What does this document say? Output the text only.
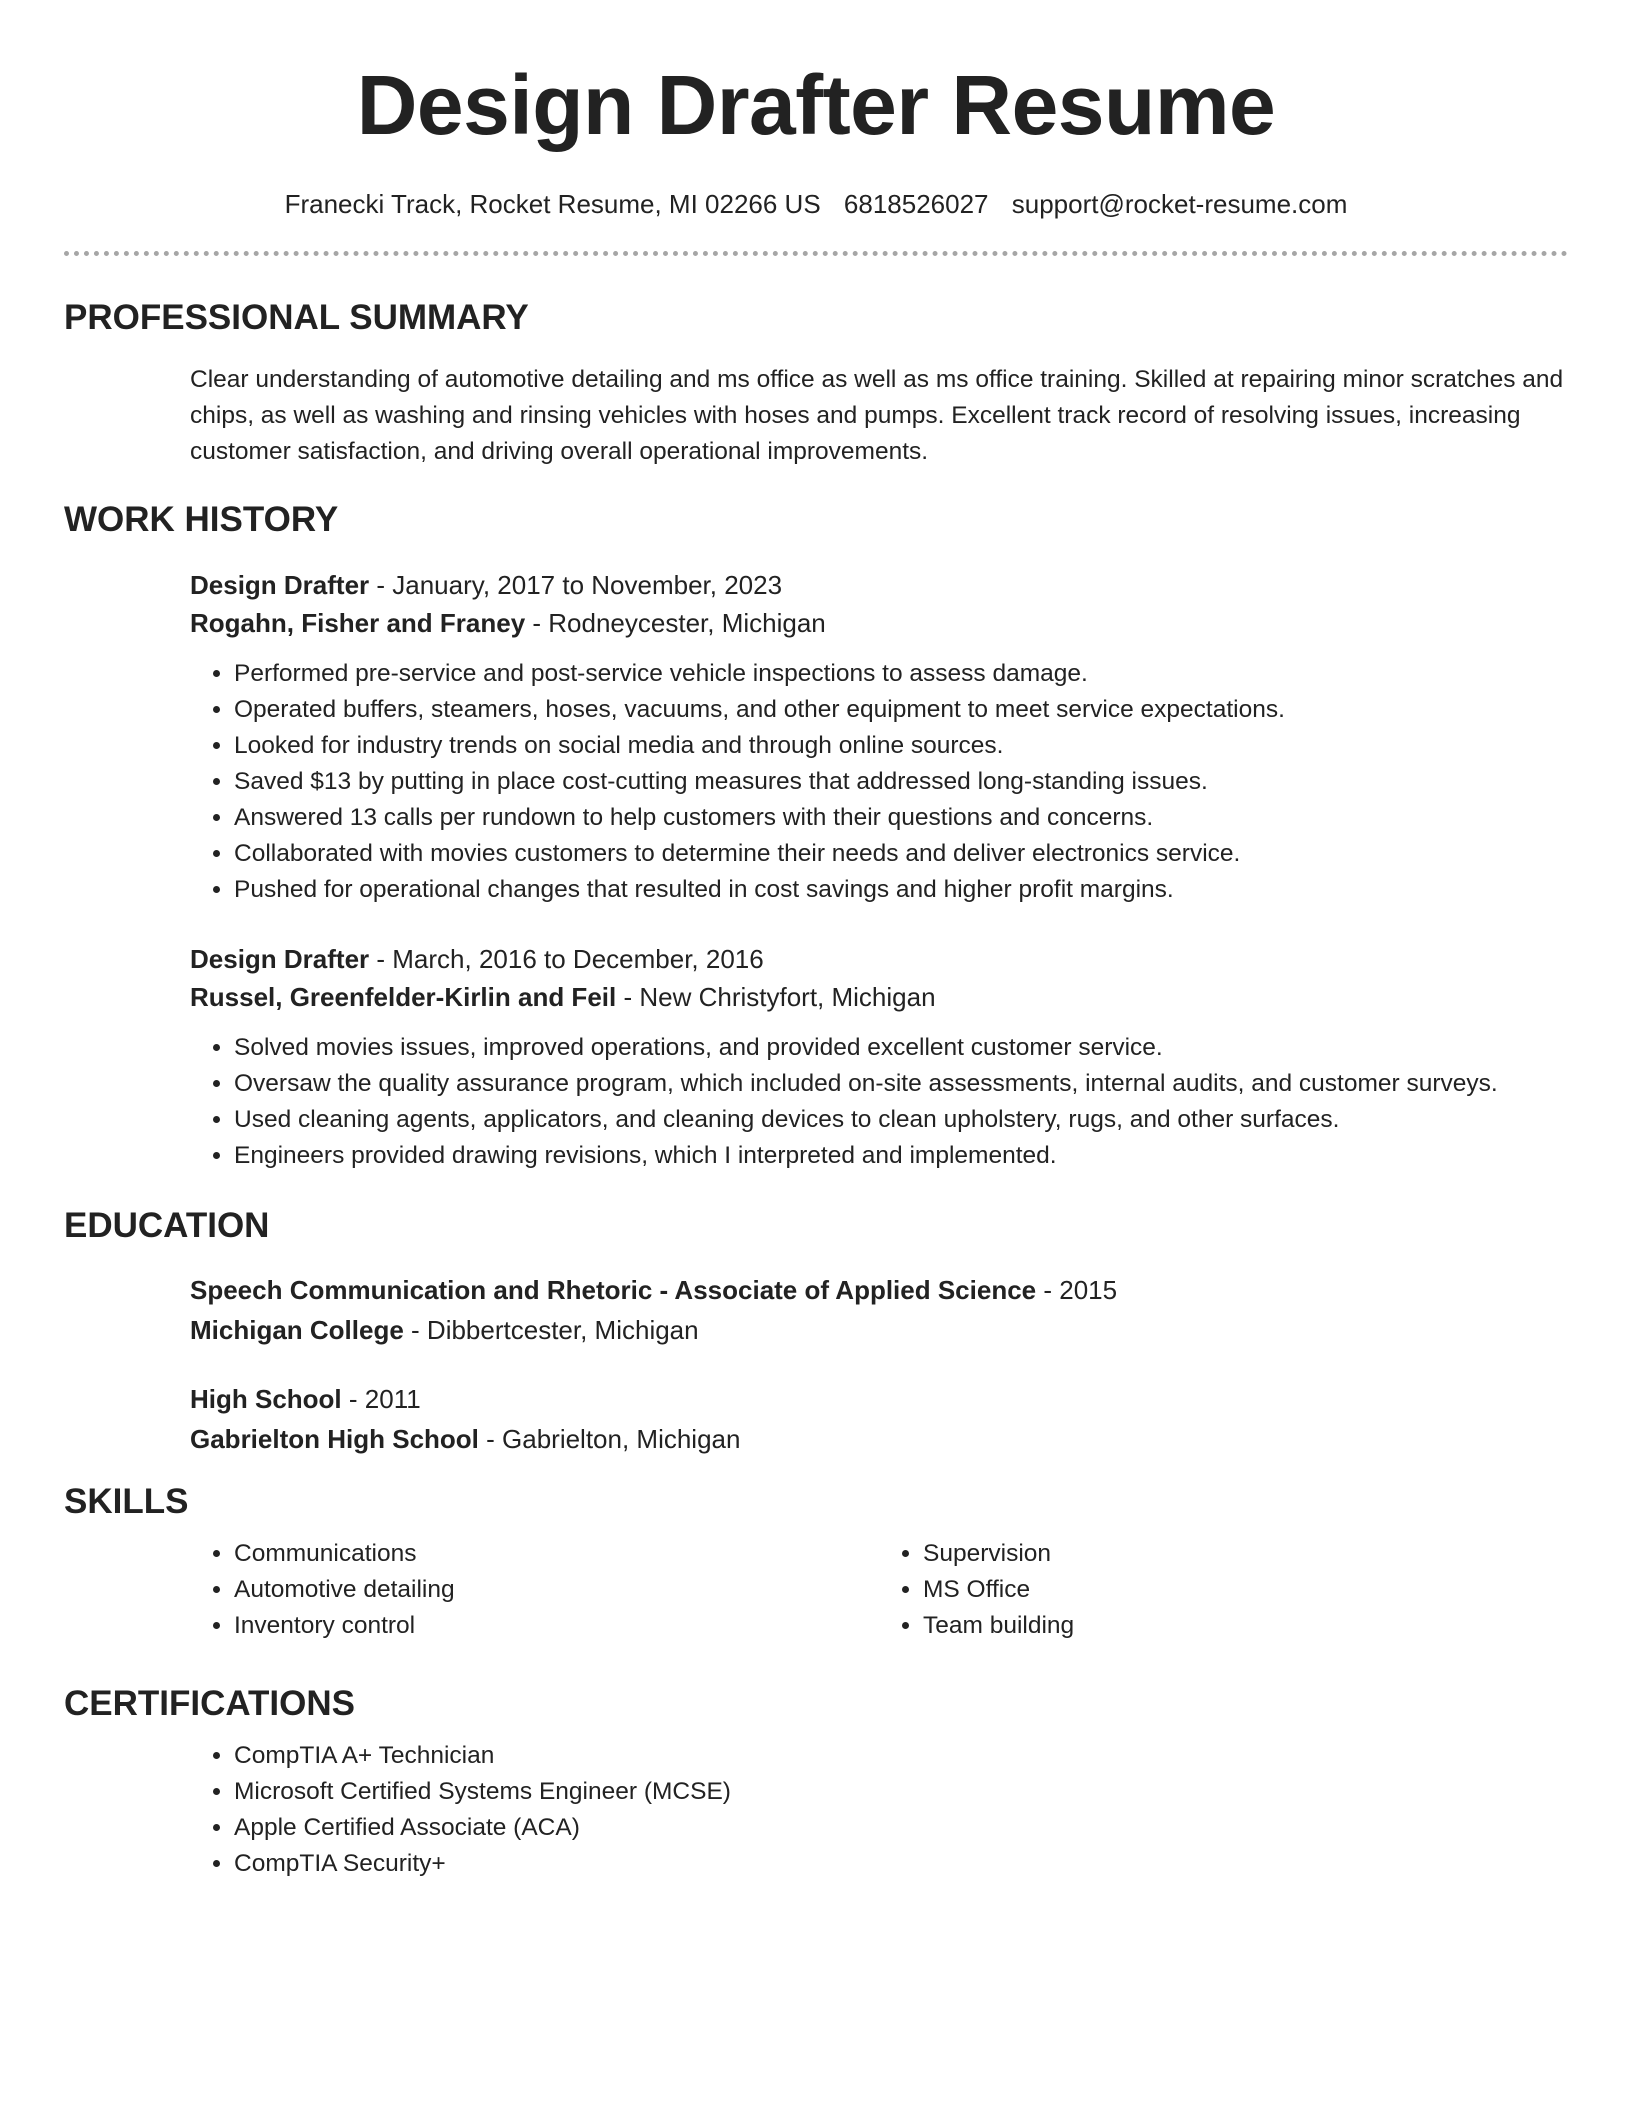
Design Drafter Resume
Franecki Track, Rocket Resume, MI 02266 US 6818526027 support@rocket-resume.com
PROFESSIONAL SUMMARY
Clear understanding of automotive detailing and ms office as well as ms office training. Skilled at repairing minor scratches and chips, as well as washing and rinsing vehicles with hoses and pumps. Excellent track record of resolving issues, increasing customer satisfaction, and driving overall operational improvements.
WORK HISTORY
Design Drafter - January, 2017 to November, 2023
Rogahn, Fisher and Franey - Rodneycester, Michigan
• Performed pre-service and post-service vehicle inspections to assess damage.
• Operated buffers, steamers, hoses, vacuums, and other equipment to meet service expectations.
• Looked for industry trends on social media and through online sources.
• Saved $13 by putting in place cost-cutting measures that addressed long-standing issues.
• Answered 13 calls per rundown to help customers with their questions and concerns.
• Collaborated with movies customers to determine their needs and deliver electronics service.
• Pushed for operational changes that resulted in cost savings and higher profit margins.
Design Drafter - March, 2016 to December, 2016
Russel, Greenfelder-Kirlin and Feil - New Christyfort, Michigan
• Solved movies issues, improved operations, and provided excellent customer service.
• Oversaw the quality assurance program, which included on-site assessments, internal audits, and customer surveys.
• Used cleaning agents, applicators, and cleaning devices to clean upholstery, rugs, and other surfaces.
• Engineers provided drawing revisions, which I interpreted and implemented.
EDUCATION
Speech Communication and Rhetoric - Associate of Applied Science - 2015
Michigan College - Dibbertcester, Michigan
High School - 2011
Gabrielton High School - Gabrielton, Michigan
SKILLS
• Communications
• Automotive detailing
• Inventory control
• Supervision
• MS Office
• Team building
CERTIFICATIONS
• CompTIA A+ Technician
• Microsoft Certified Systems Engineer (MCSE)
• Apple Certified Associate (ACA)
• CompTIA Security+
